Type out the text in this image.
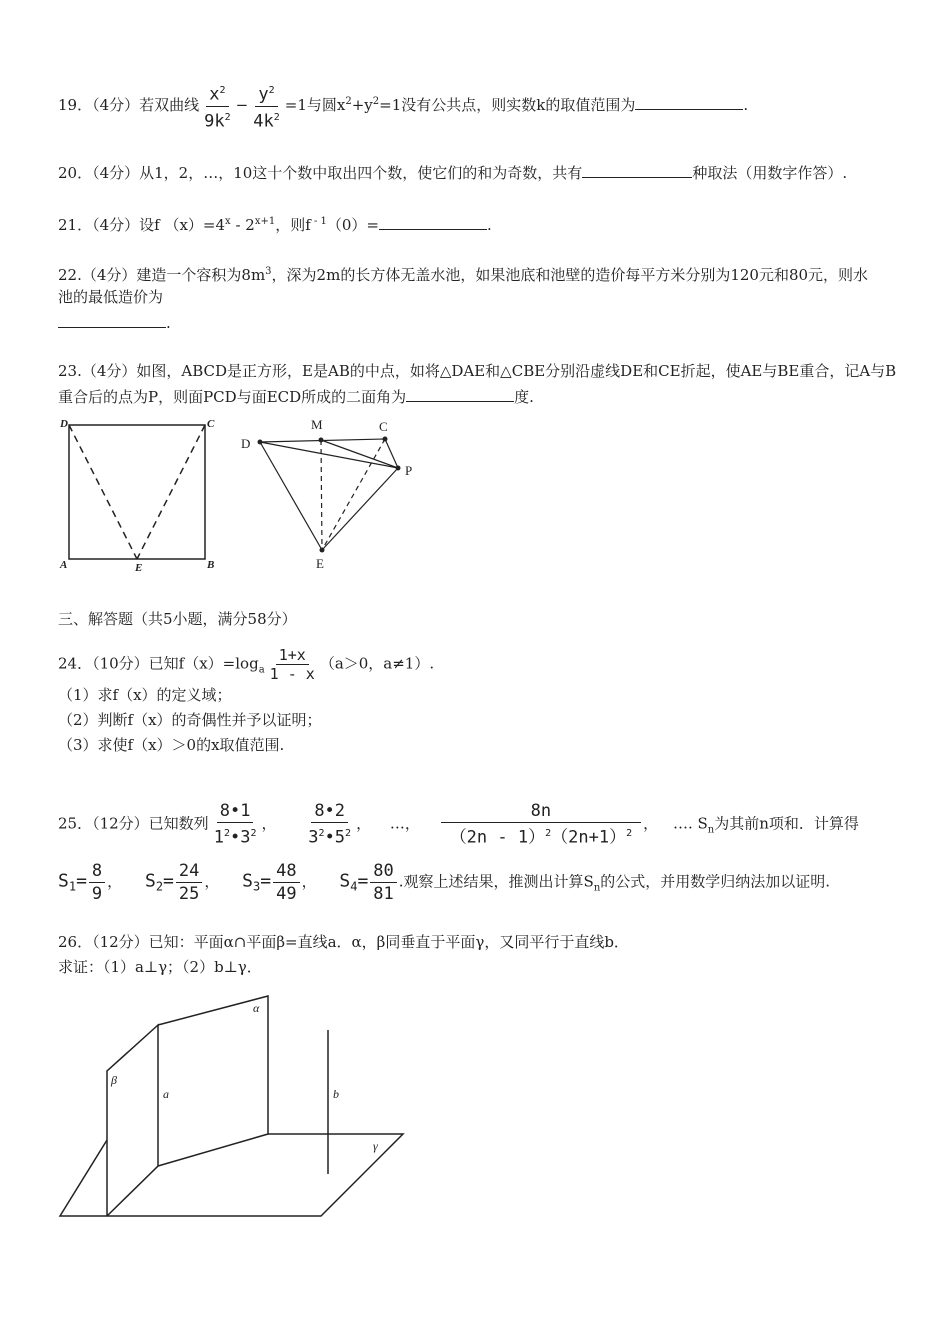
19．（4分）若双曲线 $\frac{x^2}{9k^2} - \frac{y^2}{4k^2} =1$与圆$x^2+y^2=1$没有公共点，则实数k的取值范围为	.
20．（4分）从1，2，…，10这十个数中取出四个数，使它们的和为奇数，共有	种取法（用数字作答）.
21．（4分）设f $(x)=4^x - 2^{x+1}$，则f $^{- 1}$（0）=	.
22.（4分）建造一个容积为$8m^3$，深为2m的长方体无盖水池，如果池底和池壁的造价每平方米分别为120元和80元，则水
池的最低造价为
.
23.（4分）如图，ABCD是正方形，E是AB的中点，如将△DAE和△CBE分别沿虚线DE和CE折起，使AE与BE重合，记A与B
重合后的点为P，则面PCD与面ECD所成的二面角为	度.
D	C
A	E	B
D
M	C
P
E
三、解答题（共5小题，满分58分）
24．（10分）已知$f(x)=\log_a \frac{1+x}{1 - x} (a>0$，a≠1）.
（1）求f（x）的定义域；
（2）判断f（x）的奇偶性并予以证明；
（3）求使f（x）＞0的x取值范围.
25．（12分）已知数列 $\frac{8•1}{1^2•3^2}$ ， $\frac{8•2}{3^2•5^2}$ ， …， $\frac{8n}{(2n - 1)^2(2n+1)^2}$ ， …. $S_n$为其前n项和．计算得
$S_1= \frac{8}{9}$ ， $S_2= \frac{24}{25}$ ， $S_3= \frac{48}{49}$ ， $S_4= \frac{80}{81}$ .观察上述结果，推测出计算$S_n$的公式，并用数学归纳法加以证明.
26．（12分）已知：平面α∩平面β=直线a．α，β同垂直于平面γ，又同平行于直线b．
求证：（1）a⊥γ；（2）b⊥γ．
α
β
a	b
γ
